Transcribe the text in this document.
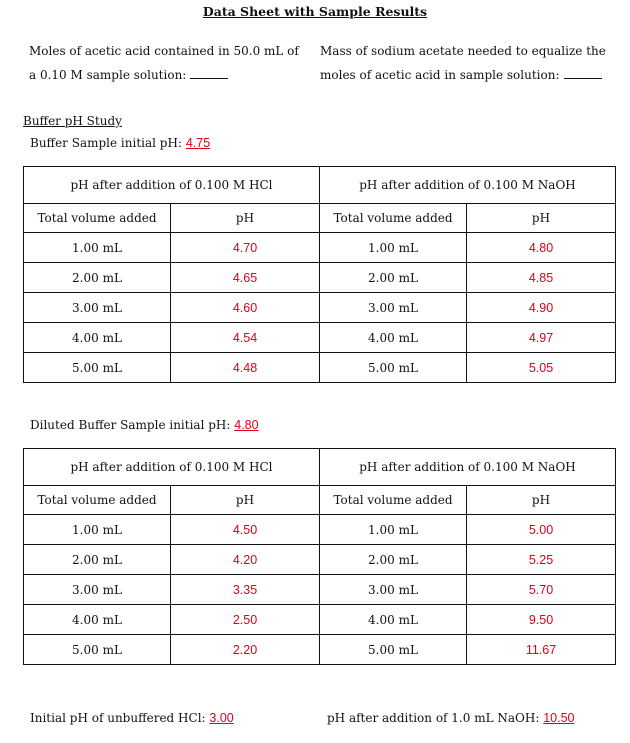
Data Sheet with Sample Results
Moles of acetic acid contained in 50.0 mL of
a 0.10 M sample solution:
Mass of sodium acetate needed to equalize the
moles of acetic acid in sample solution:
Buffer pH Study
Buffer Sample initial pH: 4.75
pH after addition of 0.100 M HCl		pH after addition of 0.100 M NaOH	
Total volume added	pH	Total volume added	pH
1.00 mL	4.70	1.00 mL	4.80
2.00 mL	4.65	2.00 mL	4.85
3.00 mL	4.60	3.00 mL	4.90
4.00 mL	4.54	4.00 mL	4.97
5.00 mL	4.48	5.00 mL	5.05
Diluted Buffer Sample initial pH: 4.80
pH after addition of 0.100 M HCl		pH after addition of 0.100 M NaOH	
Total volume added	pH	Total volume added	pH
1.00 mL	4.50	1.00 mL	5.00
2.00 mL	4.20	2.00 mL	5.25
3.00 mL	3.35	3.00 mL	5.70
4.00 mL	2.50	4.00 mL	9.50
5.00 mL	2.20	5.00 mL	11.67
Initial pH of unbuffered HCl: 3.00	pH after addition of 1.0 mL NaOH: 10.50
